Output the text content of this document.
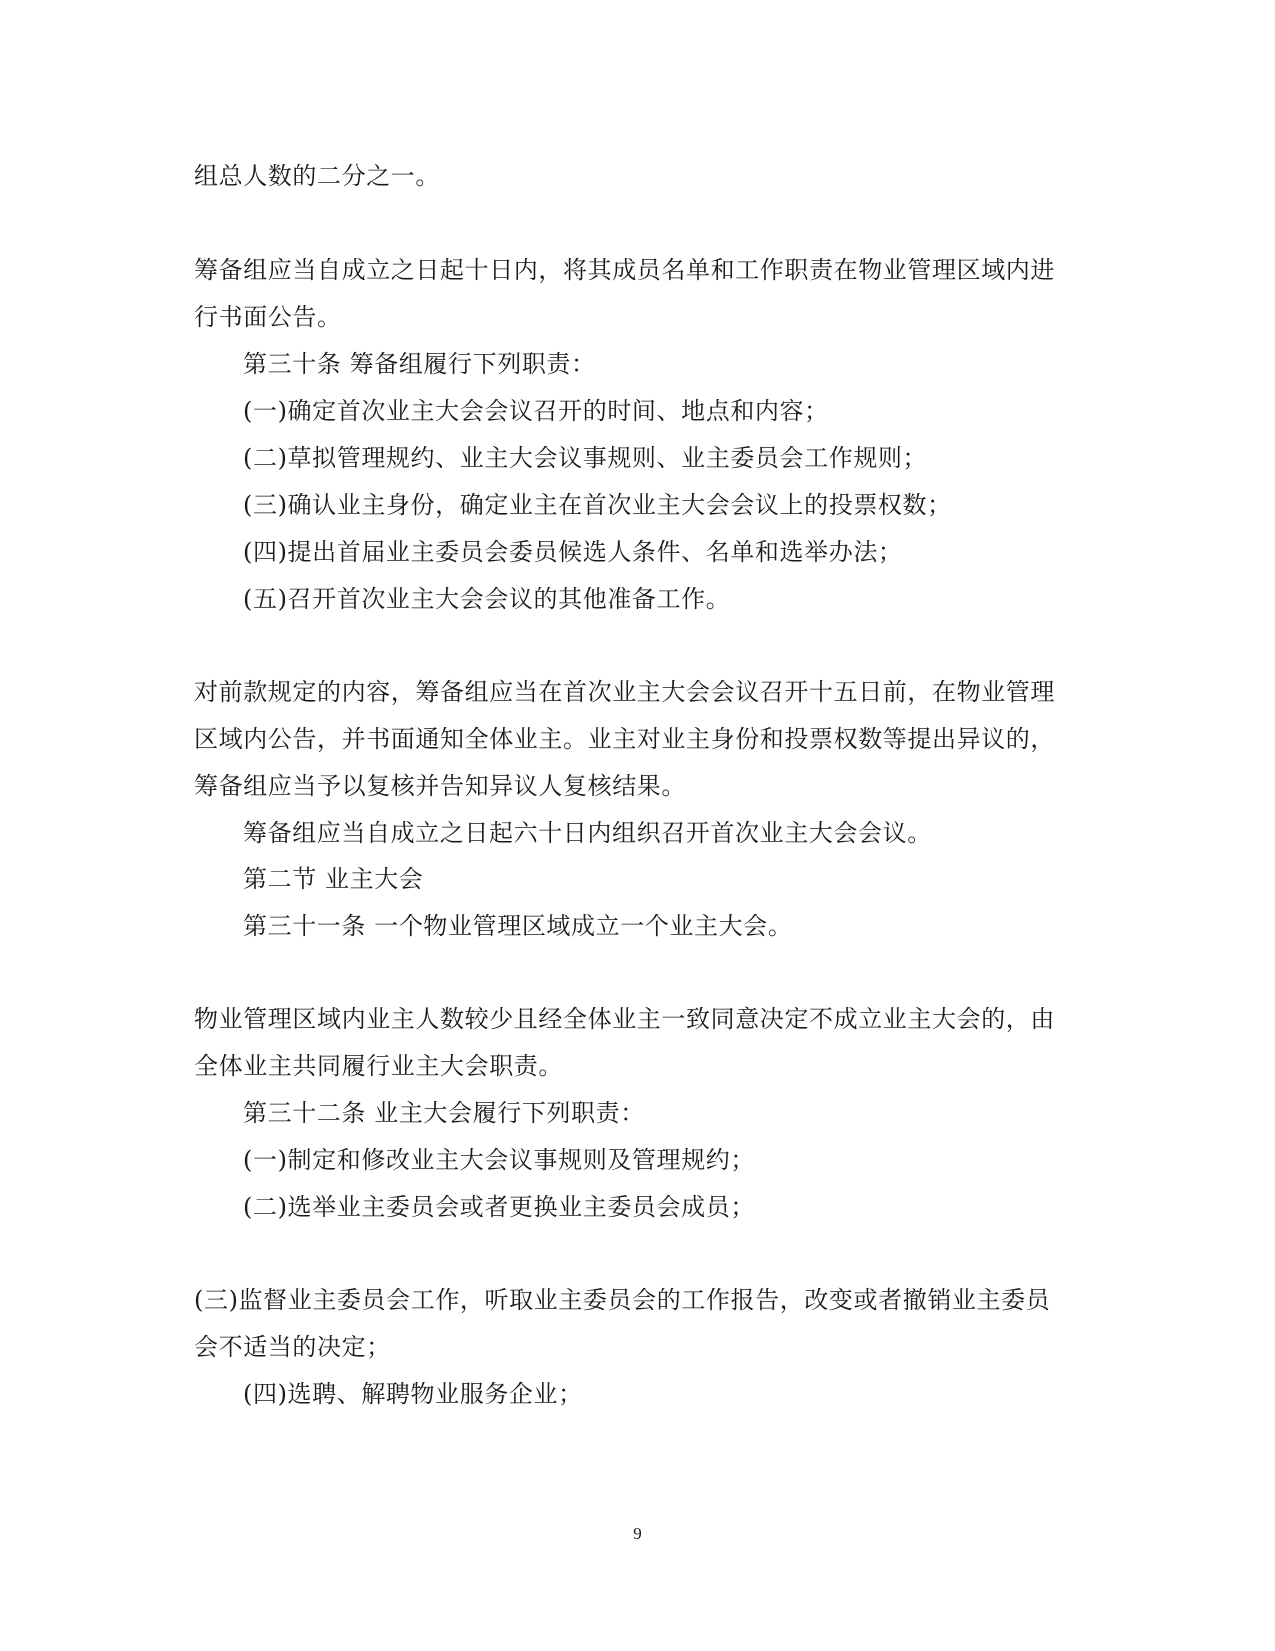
组总人数的二分之一。
筹备组应当自成立之日起十日内，将其成员名单和工作职责在物业管理区域内进
行书面公告。
第三十条 筹备组履行下列职责：
(一)确定首次业主大会会议召开的时间、地点和内容；
(二)草拟管理规约、业主大会议事规则、业主委员会工作规则；
(三)确认业主身份，确定业主在首次业主大会会议上的投票权数；
(四)提出首届业主委员会委员候选人条件、名单和选举办法；
(五)召开首次业主大会会议的其他准备工作。
对前款规定的内容，筹备组应当在首次业主大会会议召开十五日前，在物业管理
区域内公告，并书面通知全体业主。业主对业主身份和投票权数等提出异议的，
筹备组应当予以复核并告知异议人复核结果。
筹备组应当自成立之日起六十日内组织召开首次业主大会会议。
第二节 业主大会
第三十一条 一个物业管理区域成立一个业主大会。
物业管理区域内业主人数较少且经全体业主一致同意决定不成立业主大会的，由
全体业主共同履行业主大会职责。
第三十二条 业主大会履行下列职责：
(一)制定和修改业主大会议事规则及管理规约；
(二)选举业主委员会或者更换业主委员会成员；
(三)监督业主委员会工作，听取业主委员会的工作报告，改变或者撤销业主委员
会不适当的决定；
(四)选聘、解聘物业服务企业；
9
